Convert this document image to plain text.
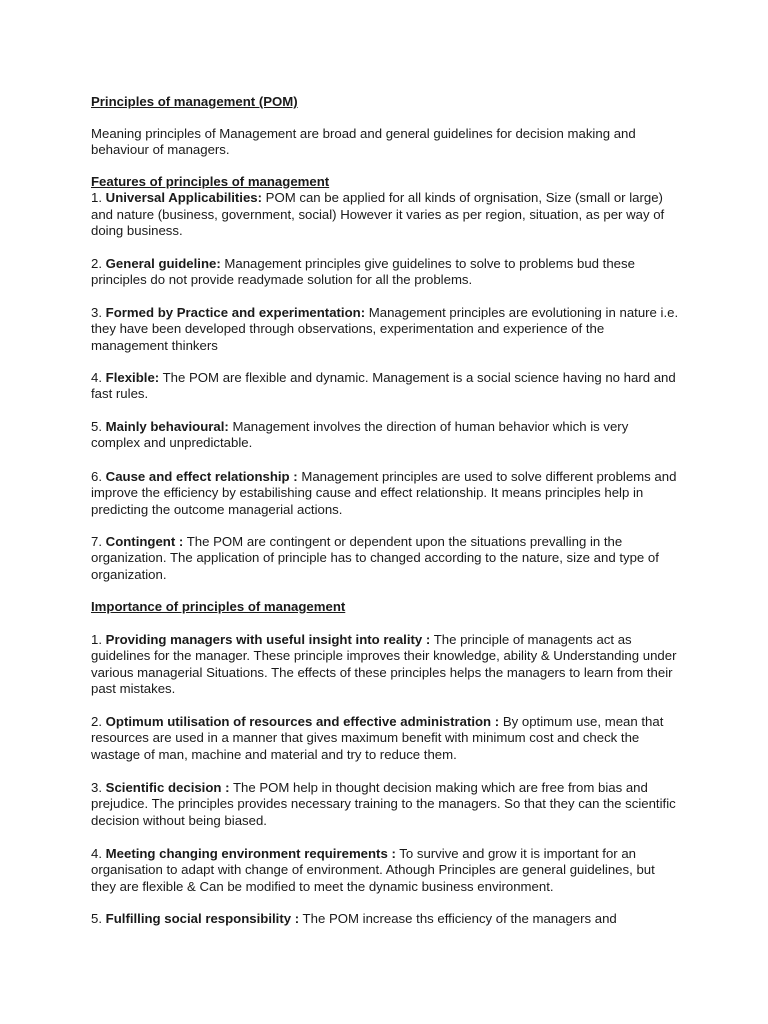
Principles of management (POM)

Meaning principles of Management are broad and general guidelines for decision making and behaviour of managers.

Features of principles of management
1. Universal Applicabilities: POM can be applied for all kinds of orgnisation, Size (small or large) and nature (business, government, social) However it varies as per region, situation, as per way of doing business.

2. General guideline: Management principles give guidelines to solve to problems bud these principles do not provide readymade solution for all the problems.

3. Formed by Practice and experimentation: Management principles are evolutioning in nature i.e. they have been developed through observations, experimentation and experience of the management thinkers

4. Flexible: The POM are flexible and dynamic. Management is a social science having no hard and fast rules.

5. Mainly behavioural: Management involves the direction of human behavior which is very complex and unpredictable.

6. Cause and effect relationship : Management principles are used to solve different problems and improve the efficiency by estabilishing cause and effect relationship. It means principles help in predicting the outcome managerial actions.

7. Contingent : The POM are contingent or dependent upon the situations prevalling in the organization. The application of principle has to changed according to the nature, size and type of organization.

Importance of principles of management

1. Providing managers with useful insight into reality : The principle of managents act as guidelines for the manager. These principle improves their knowledge, ability & Understanding under various managerial Situations. The effects of these principles helps the managers to learn from their past mistakes.

2. Optimum utilisation of resources and effective administration : By optimum use, mean that resources are used in a manner that gives maximum benefit with minimum cost and check the wastage of man, machine and material and try to reduce them.

3. Scientific decision : The POM help in thought decision making which are free from bias and prejudice. The principles provides necessary training to the managers. So that they can the scientific decision without being biased.

4. Meeting changing environment requirements : To survive and grow it is important for an organisation to adapt with change of environment. Athough Principles are general guidelines, but they are flexible & Can be modified to meet the dynamic business environment.

5. Fulfilling social responsibility : The POM increase ths efficiency of the managers and
